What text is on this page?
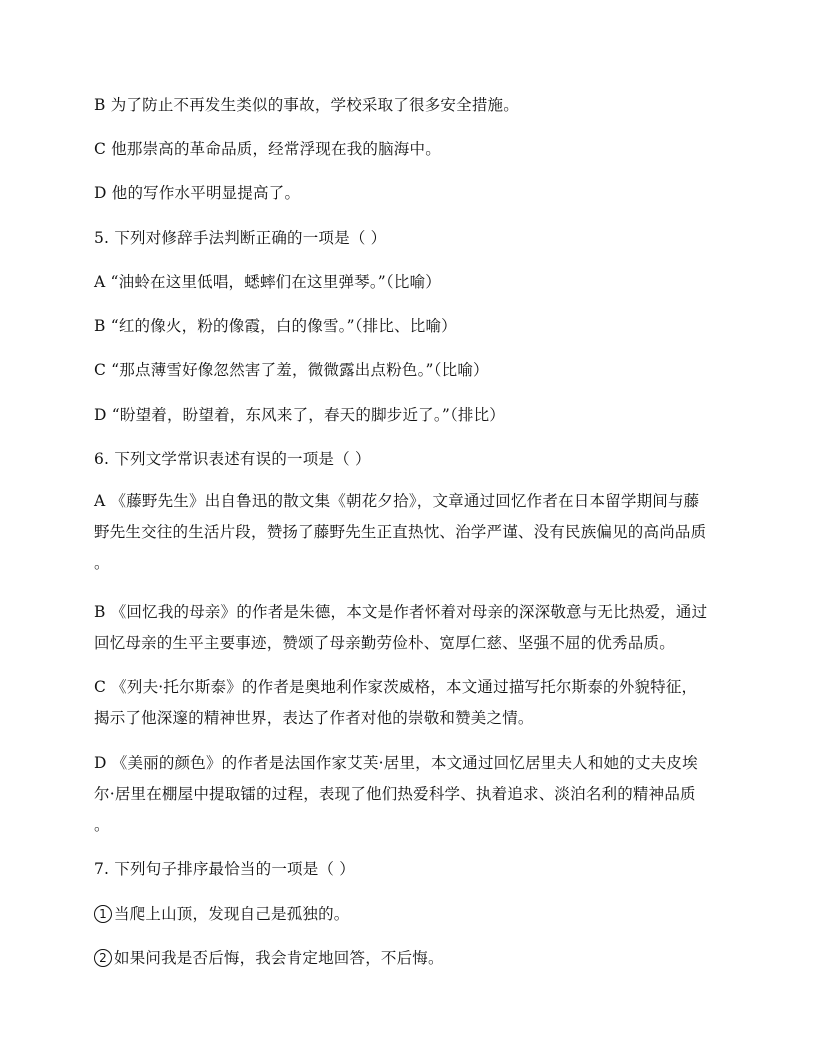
B 为了防止不再发生类似的事故，学校采取了很多安全措施。
C 他那崇高的革命品质，经常浮现在我的脑海中。
D 他的写作水平明显提高了。
5. 下列对修辞手法判断正确的一项是（ ）
A “油蛉在这里低唱，蟋蟀们在这里弹琴。”（比喻）
B “红的像火，粉的像霞，白的像雪。”（排比、比喻）
C “那点薄雪好像忽然害了羞，微微露出点粉色。”（比喻）
D “盼望着，盼望着，东风来了，春天的脚步近了。”（排比）
6. 下列文学常识表述有误的一项是（ ）
A 《藤野先生》出自鲁迅的散文集《朝花夕拾》，文章通过回忆作者在日本留学期间与藤
野先生交往的生活片段，赞扬了藤野先生正直热忱、治学严谨、没有民族偏见的高尚品质
。
B 《回忆我的母亲》的作者是朱德，本文是作者怀着对母亲的深深敬意与无比热爱，通过
回忆母亲的生平主要事迹，赞颂了母亲勤劳俭朴、宽厚仁慈、坚强不屈的优秀品质。
C 《列夫·托尔斯泰》的作者是奥地利作家茨威格，本文通过描写托尔斯泰的外貌特征，
揭示了他深邃的精神世界，表达了作者对他的崇敬和赞美之情。
D 《美丽的颜色》的作者是法国作家艾芙·居里，本文通过回忆居里夫人和她的丈夫皮埃
尔·居里在棚屋中提取镭的过程，表现了他们热爱科学、执着追求、淡泊名利的精神品质
。
7. 下列句子排序最恰当的一项是（ ）
1 当爬上山顶，发现自己是孤独的。
2 如果问我是否后悔，我会肯定地回答，不后悔。
